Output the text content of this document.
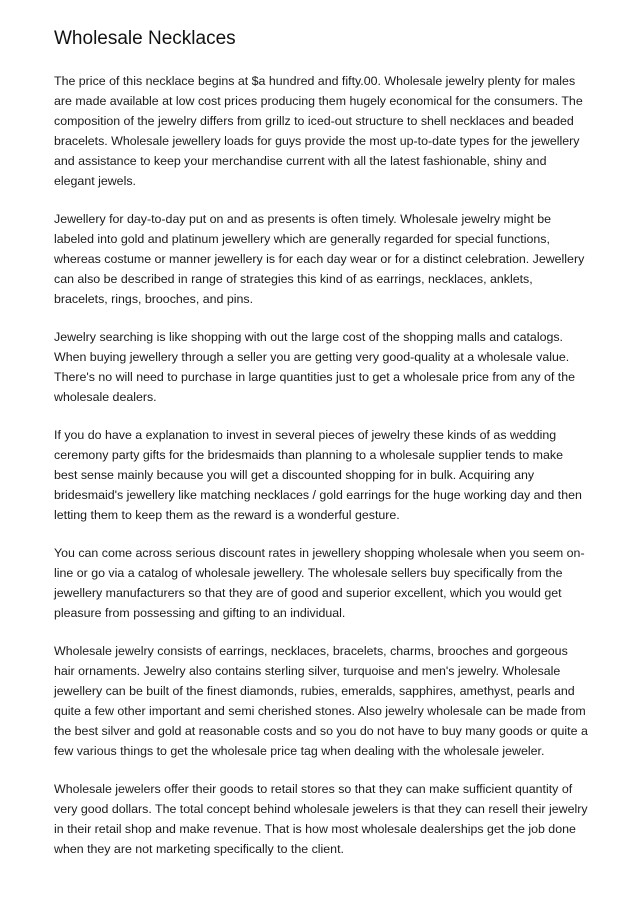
Wholesale Necklaces

The price of this necklace begins at $a hundred and fifty.00. Wholesale jewelry plenty for males are made available at low cost prices producing them hugely economical for the consumers. The composition of the jewelry differs from grillz to iced-out structure to shell necklaces and beaded bracelets. Wholesale jewellery loads for guys provide the most up-to-date types for the jewellery and assistance to keep your merchandise current with all the latest fashionable, shiny and elegant jewels.

Jewellery for day-to-day put on and as presents is often timely. Wholesale jewelry might be labeled into gold and platinum jewellery which are generally regarded for special functions, whereas costume or manner jewellery is for each day wear or for a distinct celebration. Jewellery can also be described in range of strategies this kind of as earrings, necklaces, anklets, bracelets, rings, brooches, and pins.

Jewelry searching is like shopping with out the large cost of the shopping malls and catalogs. When buying jewellery through a seller you are getting very good-quality at a wholesale value. There's no will need to purchase in large quantities just to get a wholesale price from any of the wholesale dealers.

If you do have a explanation to invest in several pieces of jewelry these kinds of as wedding ceremony party gifts for the bridesmaids than planning to a wholesale supplier tends to make best sense mainly because you will get a discounted shopping for in bulk. Acquiring any bridesmaid's jewellery like matching necklaces / gold earrings for the huge working day and then letting them to keep them as the reward is a wonderful gesture.

You can come across serious discount rates in jewellery shopping wholesale when you seem on-line or go via a catalog of wholesale jewellery. The wholesale sellers buy specifically from the jewellery manufacturers so that they are of good and superior excellent, which you would get pleasure from possessing and gifting to an individual.

Wholesale jewelry consists of earrings, necklaces, bracelets, charms, brooches and gorgeous hair ornaments. Jewelry also contains sterling silver, turquoise and men's jewelry. Wholesale jewellery can be built of the finest diamonds, rubies, emeralds, sapphires, amethyst, pearls and quite a few other important and semi cherished stones. Also jewelry wholesale can be made from the best silver and gold at reasonable costs and so you do not have to buy many goods or quite a few various things to get the wholesale price tag when dealing with the wholesale jeweler.

Wholesale jewelers offer their goods to retail stores so that they can make sufficient quantity of very good dollars. The total concept behind wholesale jewelers is that they can resell their jewelry in their retail shop and make revenue. That is how most wholesale dealerships get the job done when they are not marketing specifically to the client.
